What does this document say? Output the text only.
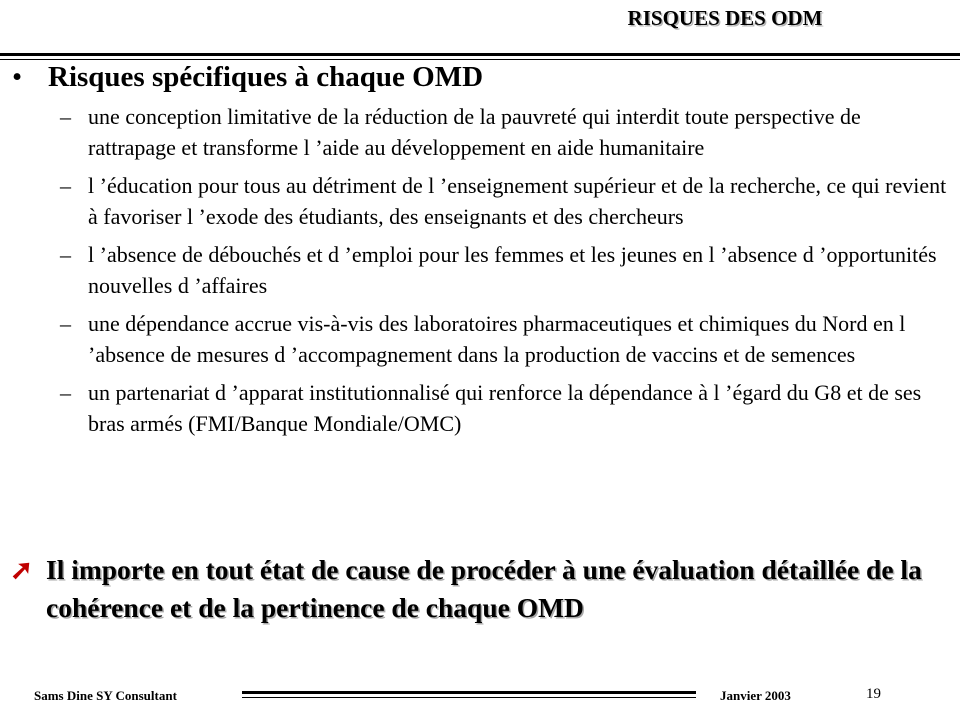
RISQUES DES ODM
• Risques spécifiques à chaque OMD
– une conception limitative de la réduction de la pauvreté qui interdit toute perspective de rattrapage et transforme l ’aide au développement en aide humanitaire
– l ’éducation pour tous au détriment de l ’enseignement supérieur et de la recherche, ce qui revient à favoriser l ’exode des étudiants, des enseignants et des chercheurs
– l ’absence de débouchés et d ’emploi pour les femmes et les jeunes en l ’absence d ’opportunités nouvelles d ’affaires
– une dépendance accrue vis-à-vis des laboratoires pharmaceutiques et chimiques du Nord en l ’absence de mesures d ’accompagnement dans la production de vaccins et de semences
– un partenariat d ’apparat institutionnalisé qui renforce la dépendance à l ’égard du G8 et de ses bras armés (FMI/Banque Mondiale/OMC)
➚ Il importe en tout état de cause de procéder à une évaluation détaillée de la cohérence et de la pertinence de chaque OMD
Sams Dine SY Consultant	Janvier 2003	19
